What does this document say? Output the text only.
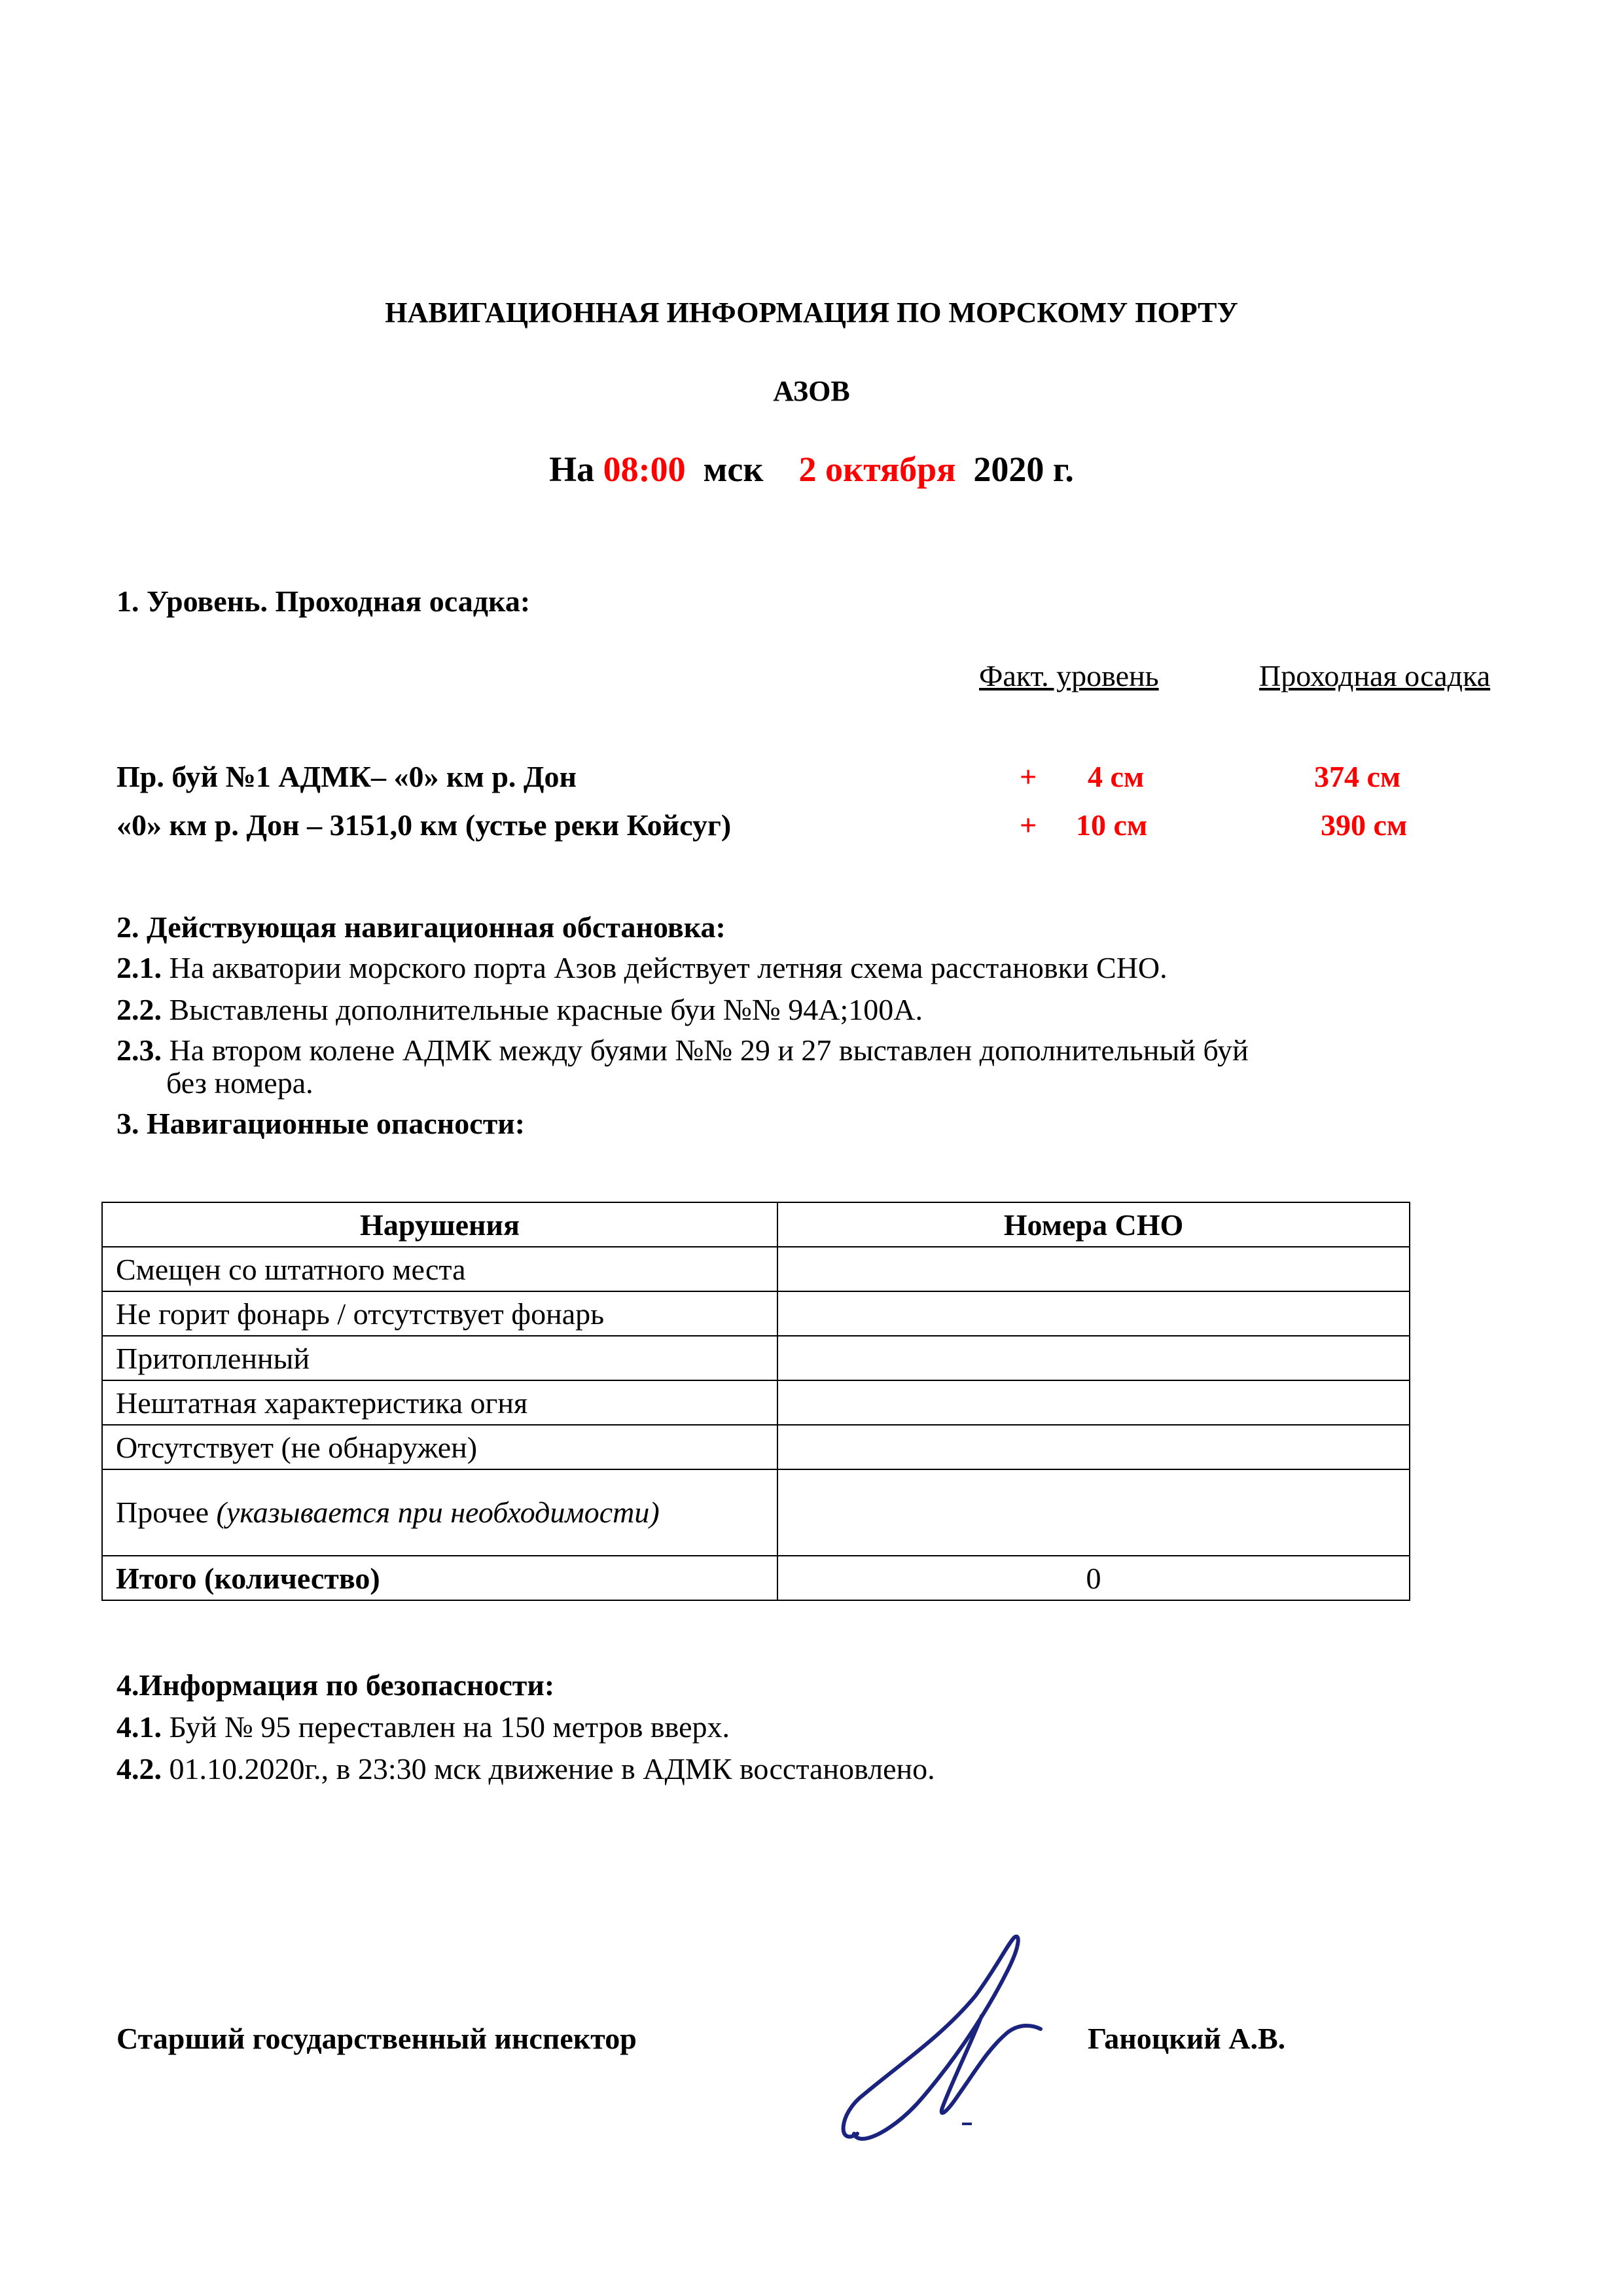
НАВИГАЦИОННАЯ ИНФОРМАЦИЯ ПО МОРСКОМУ ПОРТУ
АЗОВ
На 08:00 мск 2 октября 2020 г.
1. Уровень. Проходная осадка:
Факт. уровень	Проходная осадка
Пр. буй №1 АДМК– «0» км р. Дон	+ 4 см	374 см
«0» км р. Дон – 3151,0 км (устье реки Койсуг)	+ 10 см	390 см
2. Действующая навигационная обстановка:
2.1. На акватории морского порта Азов действует летняя схема расстановки СНО.
2.2. Выставлены дополнительные красные буи №№ 94А;100А.
2.3. На втором колене АДМК между буями №№ 29 и 27 выставлен дополнительный буй
без номера.
3. Навигационные опасности:
Нарушения	Номера СНО
Смещен со штатного места	
Не горит фонарь / отсутствует фонарь	
Притопленный	
Нештатная характеристика огня	
Отсутствует (не обнаружен)	
Прочее (указывается при необходимости)	
Итого (количество)	0
4.Информация по безопасности:
4.1. Буй № 95 переставлен на 150 метров вверх.
4.2. 01.10.2020г., в 23:30 мск движение в АДМК восстановлено.
Старший государственный инспектор	Ганоцкий А.В.
